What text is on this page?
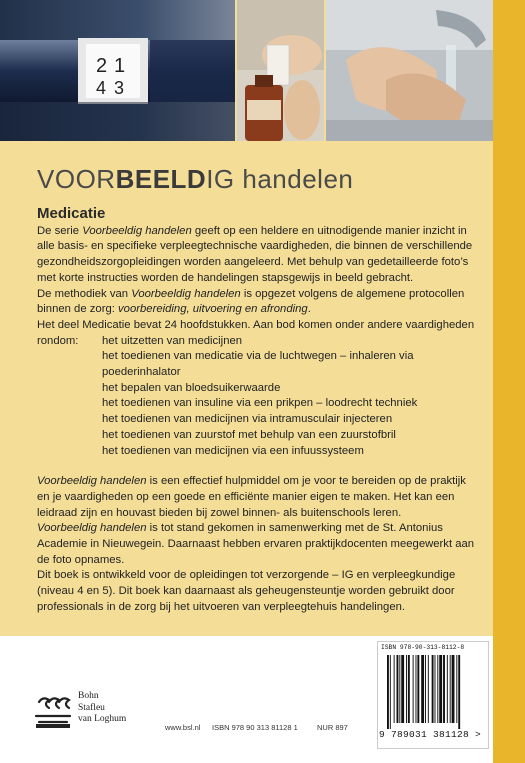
2 1
4 3
VOORBEELDIG handelen
Medicatie

De serie Voorbeeldig handelen geeft op een heldere en uitnodigende manier inzicht in alle basis- en specifieke verpleegtechnische vaardigheden, die binnen de verschillende gezondheidszorgopleidingen worden aangeleerd. Met behulp van gedetailleerde foto’s met korte instructies worden de handelingen stapsgewijs in beeld gebracht.

De methodiek van Voorbeeldig handelen is opgezet volgens de algemene protocollen binnen de zorg: voorbereiding, uitvoering en afronding.

Het deel Medicatie bevat 24 hoofdstukken. Aan bod komen onder andere vaardigheden

rondom:	het uitzetten van medicijnen
het toedienen van medicatie via de luchtwegen – inhaleren via poederinhalator
het bepalen van bloedsuikerwaarde
het toedienen van insuline via een prikpen – loodrecht techniek
het toedienen van medicijnen via intramusculair injecteren
het toedienen van zuurstof met behulp van een zuurstofbril
het toedienen van medicijnen via een infuussysteem

Voorbeeldig handelen is een effectief hulpmiddel om je voor te bereiden op de praktijk en je vaardigheden op een goede en efficiënte manier eigen te maken. Het kan een leidraad zijn en houvast bieden bij zowel binnen- als buitenschools leren.

Voorbeeldig handelen is tot stand gekomen in samenwerking met de St. Antonius Academie in Nieuwegein. Daarnaast hebben ervaren praktijkdocenten meegewerkt aan de foto opnames.

Dit boek is ontwikkeld voor de opleidingen tot verzorgende – IG en verpleegkundige (niveau 4 en 5). Dit boek kan daarnaast als geheugensteuntje worden gebruikt door professionals in de zorg bij het uitvoeren van verpleegtehuis handelingen.

Bohn
Stafleu
van Loghum
www.bsl.nl ISBN 978 90 313 81128 1	NUR 897
ISBN 978-90-313-8112-8
9 789031 381128 >
